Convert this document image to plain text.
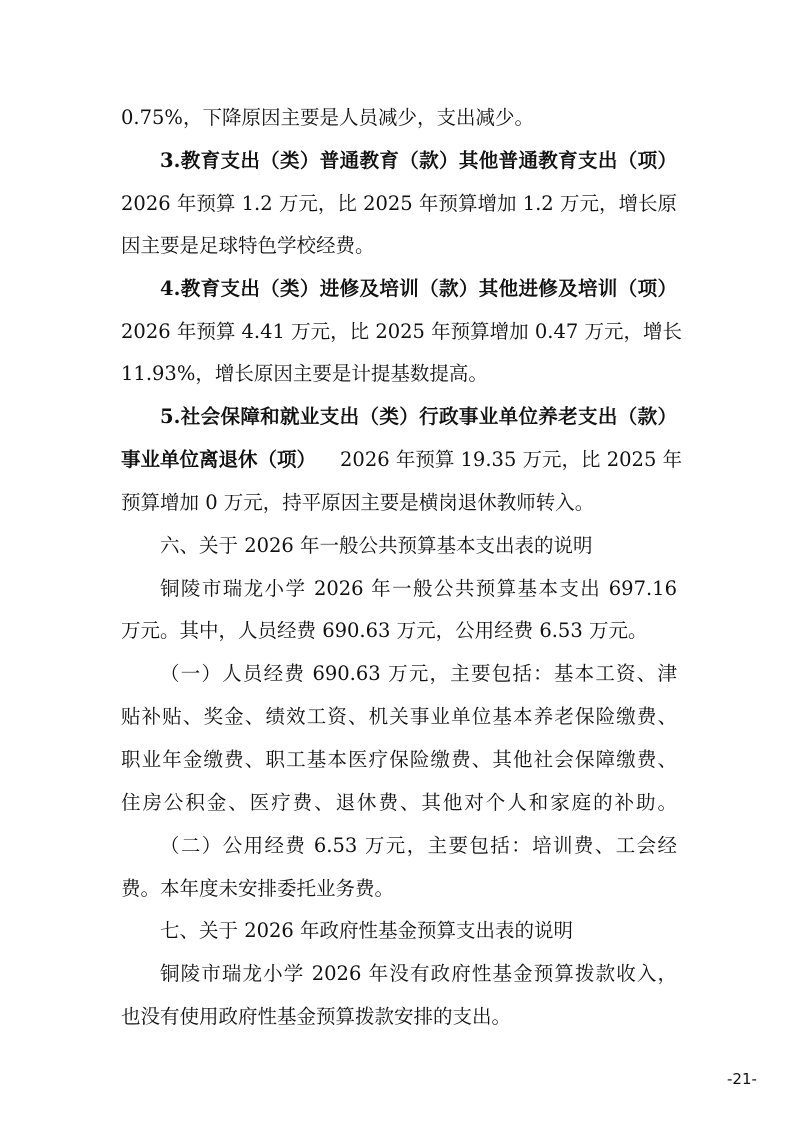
0.75%，下降原因主要是人员减少，支出减少。
3.教育支出（类）普通教育（款）其他普通教育支出（项）
2026 年预算 1.2 万元，比 2025 年预算增加 1.2 万元，增长原
因主要是足球特色学校经费。
4.教育支出（类）进修及培训（款）其他进修及培训（项）
2026 年预算 4.41 万元，比 2025 年预算增加 0.47 万元，增长
11.93%，增长原因主要是计提基数提高。
5.社会保障和就业支出（类）行政事业单位养老支出（款）
事业单位离退休（项） 2026 年预算 19.35 万元，比 2025 年
预算增加 0 万元，持平原因主要是横岗退休教师转入。
六、关于 2026 年一般公共预算基本支出表的说明
铜陵市瑞龙小学 2026 年一般公共预算基本支出 697.16
万元。其中，人员经费 690.63 万元，公用经费 6.53 万元。
（一）人员经费 690.63 万元，主要包括：基本工资、津
贴补贴、奖金、绩效工资、机关事业单位基本养老保险缴费、
职业年金缴费、职工基本医疗保险缴费、其他社会保障缴费、
住房公积金、医疗费、退休费、其他对个人和家庭的补助。
（二）公用经费 6.53 万元，主要包括：培训费、工会经
费。本年度未安排委托业务费。
七、关于 2026 年政府性基金预算支出表的说明
铜陵市瑞龙小学 2026 年没有政府性基金预算拨款收入，
也没有使用政府性基金预算拨款安排的支出。
-21-
